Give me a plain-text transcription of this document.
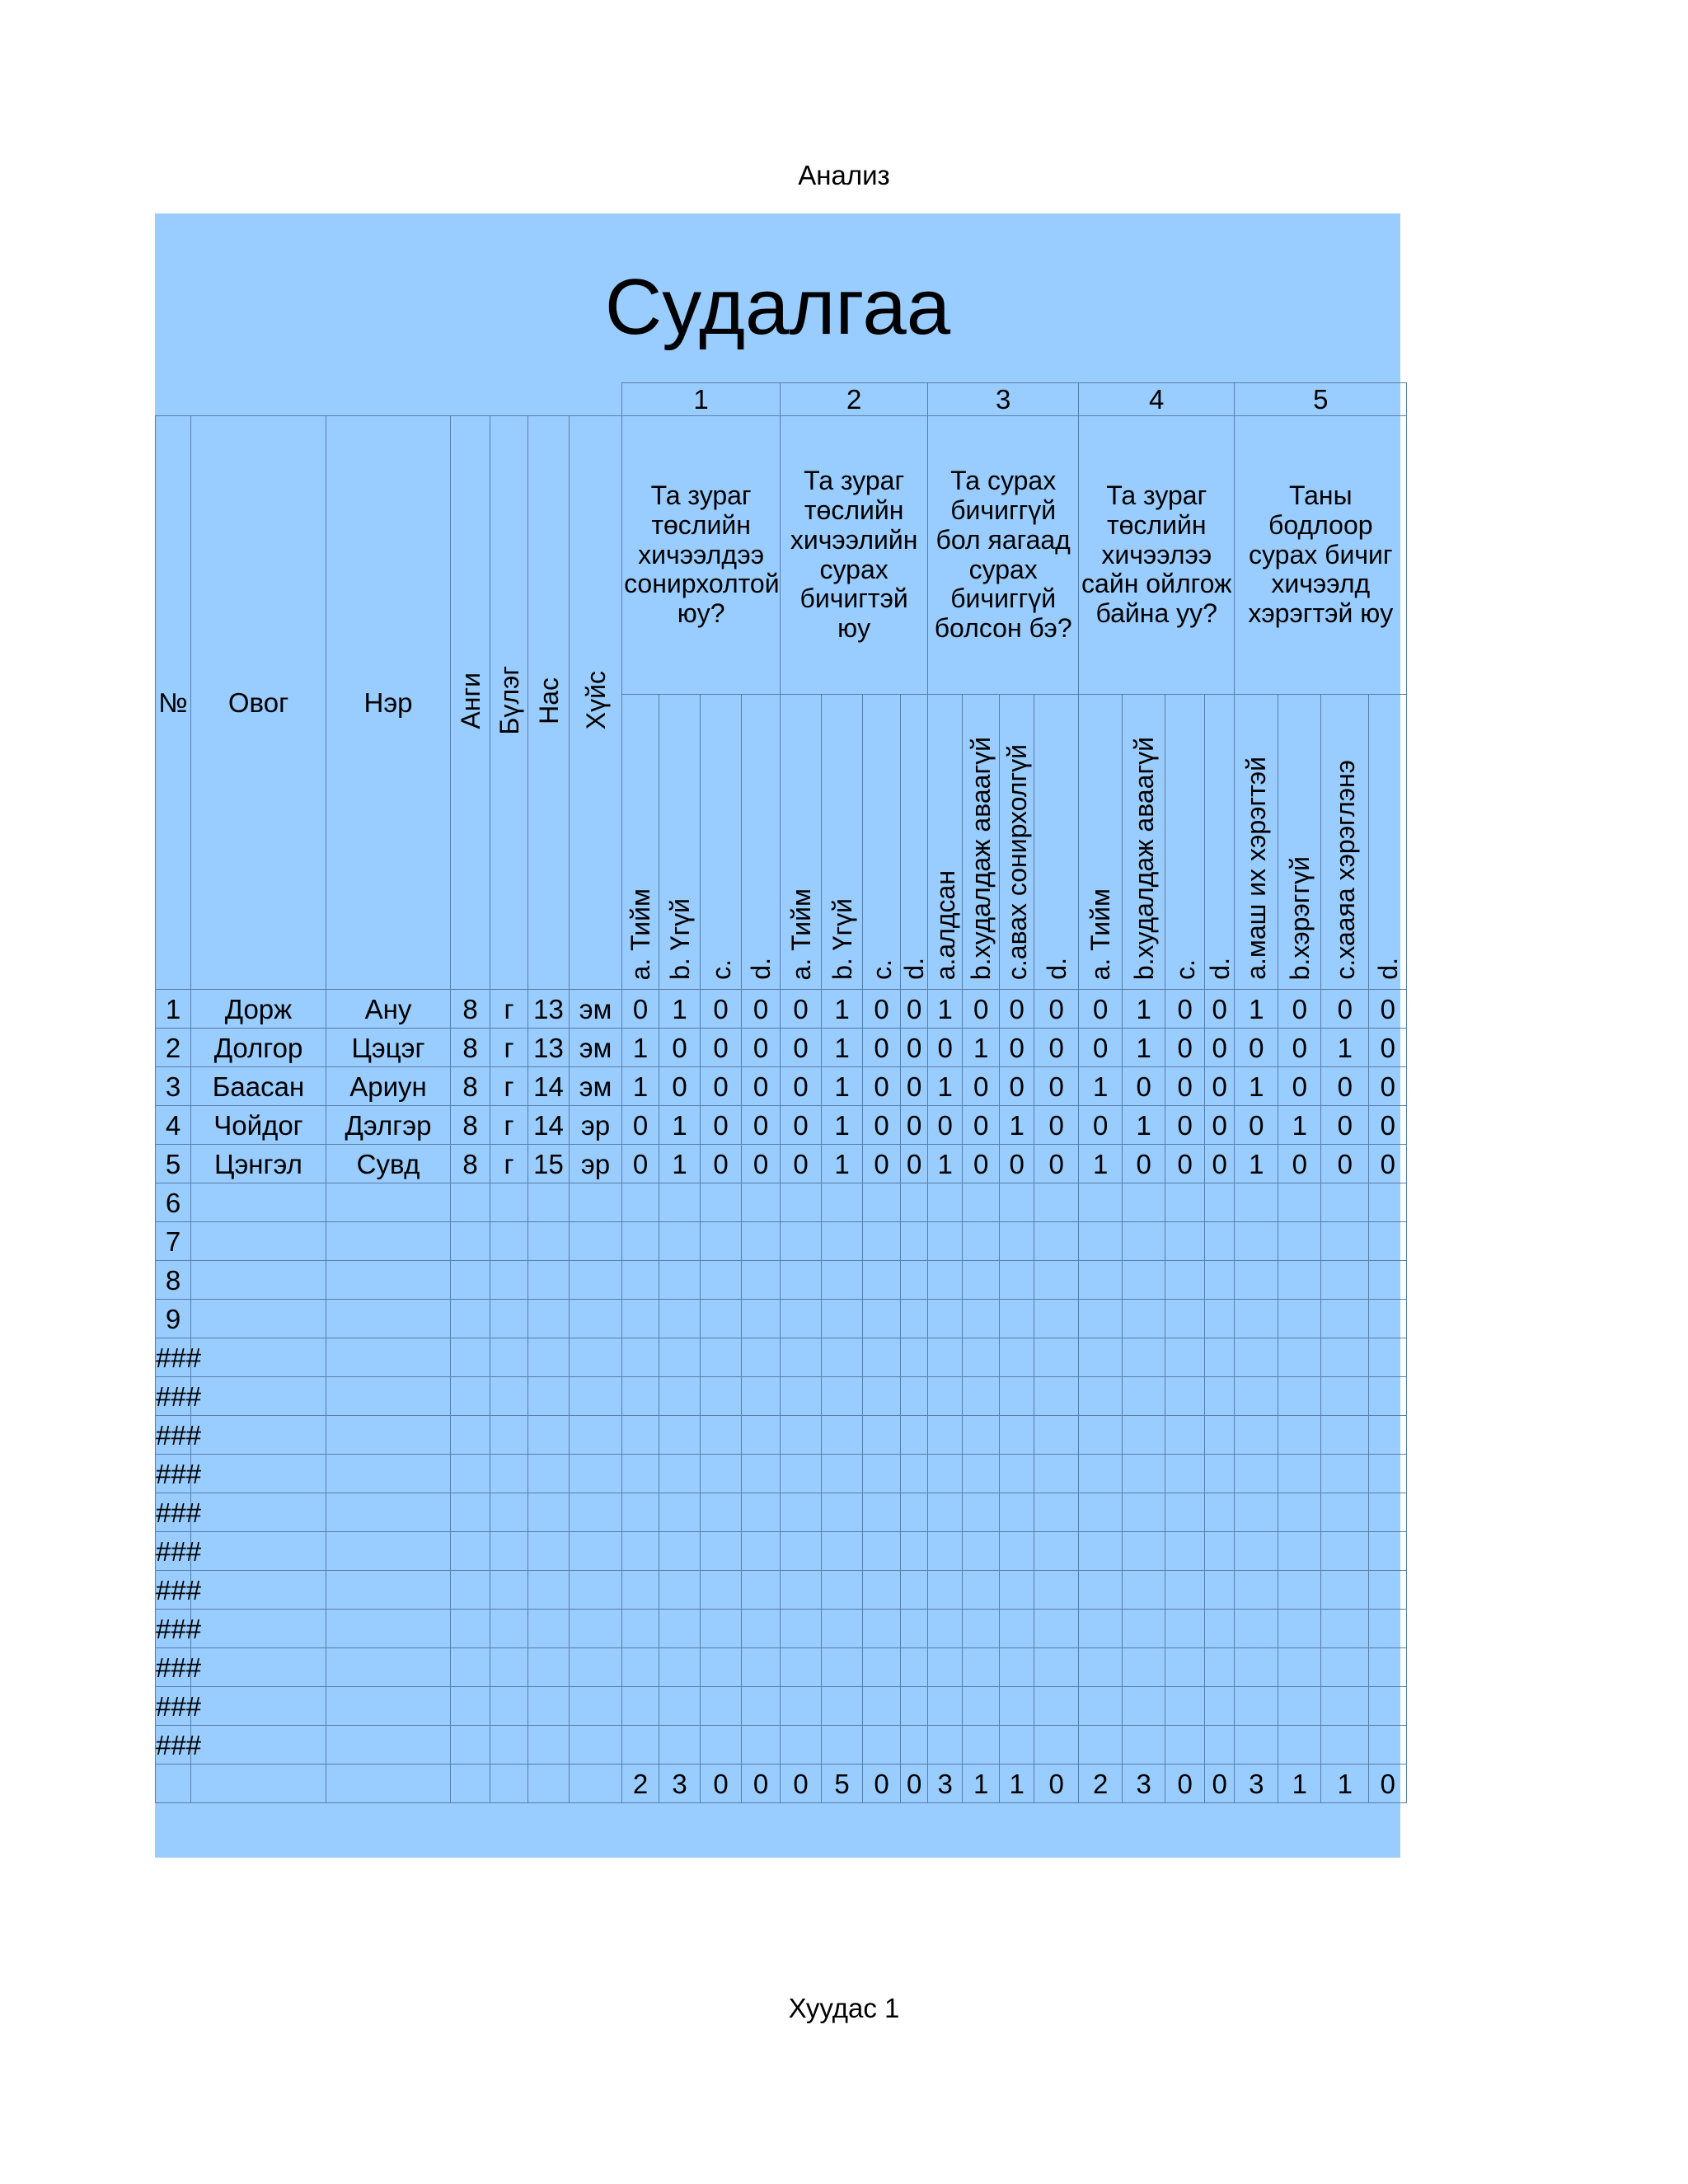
Анализ
Судалгаа
							1				2				3				4				5			
№	Овог	Нэр	Анги	Бүлэг	Нас	Хүйс	Та зураг төслийн хичээлдээ сонирхолтой юу?				Та зураг төслийн хичээлийн сурах бичигтэй юу				Та сурах бичиггүй бол яагаад сурах бичиггүй болсон бэ?				Та зураг төслийн хичээлээ сайн ойлгож байна уу?				Таны бодлоор сурах бичиг хичээлд хэрэгтэй юу			
							a. Тийм	b. Үгүй	c.	d.	a. Тийм	b. Үгүй	c.	d.	a.алдсан	b.худалдаж аваагүй	c.авах сонирхолгүй	d.	a. Тийм	b.худалдаж аваагүй	c.	d.	a.маш их хэрэгтэй	b.хэрэггүй	c.хааяа хэрэглэнэ	d.
1	Дорж	Ану	8	г	13	эм	0	1	0	0	0	1	0	0	1	0	0	0	0	1	0	0	1	0	0	0
2	Долгор	Цэцэг	8	г	13	эм	1	0	0	0	0	1	0	0	0	1	0	0	0	1	0	0	0	0	1	0
3	Баасан	Ариун	8	г	14	эм	1	0	0	0	0	1	0	0	1	0	0	0	1	0	0	0	1	0	0	0
4	Чойдог	Дэлгэр	8	г	14	эр	0	1	0	0	0	1	0	0	0	0	1	0	0	1	0	0	0	1	0	0
5	Цэнгэл	Сувд	8	г	15	эр	0	1	0	0	0	1	0	0	1	0	0	0	1	0	0	0	1	0	0	0
6																										
7																										
8																										
9																										
###																										
###																										
###																										
###																										
###																										
###																										
###																										
###																										
###																										
###																										
###																										
							2	3	0	0	0	5	0	0	3	1	1	0	2	3	0	0	3	1	1	0
Хуудас 1
